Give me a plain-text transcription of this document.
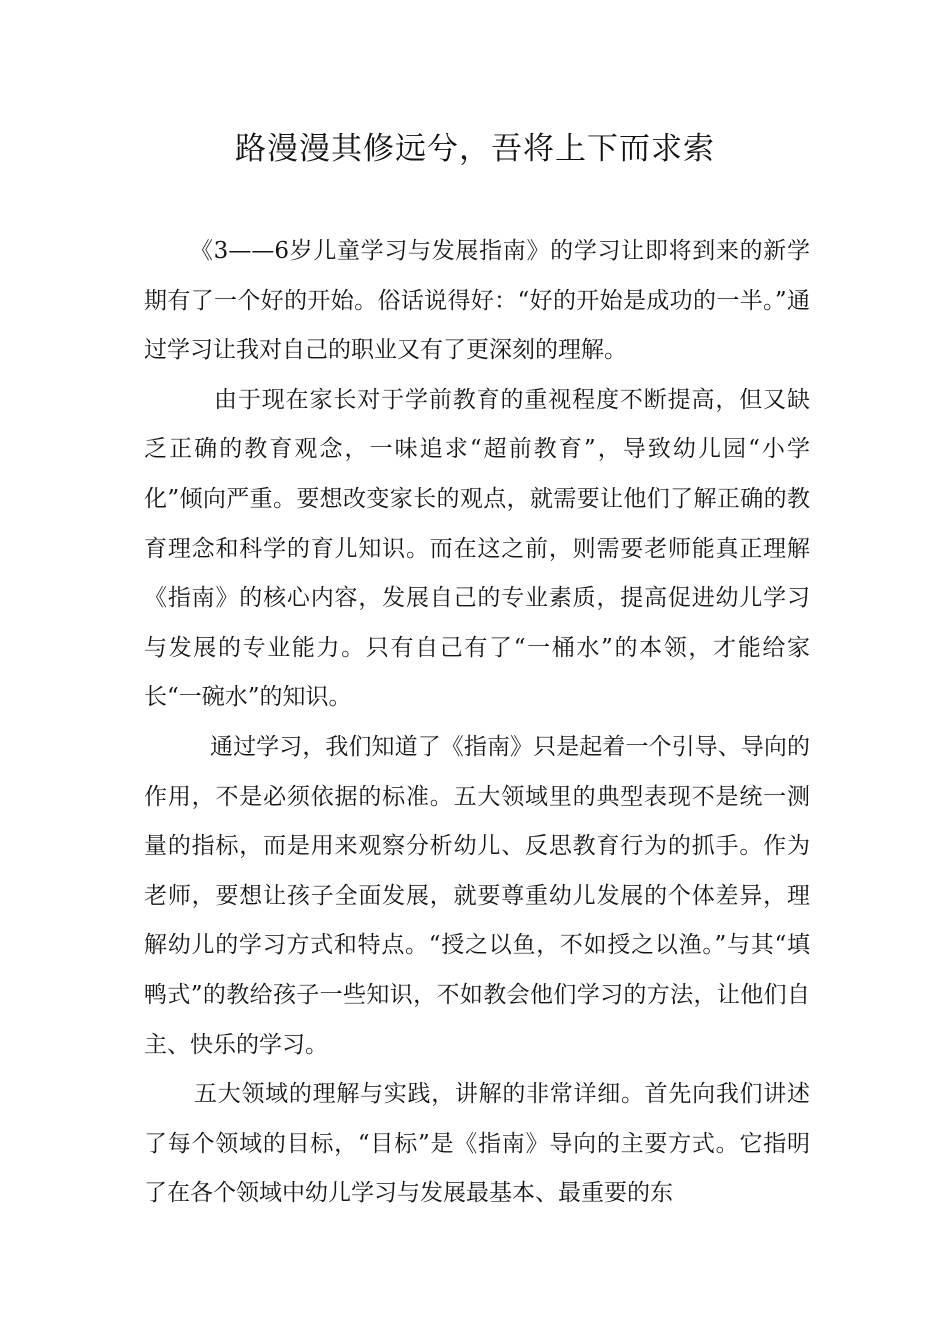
路漫漫其修远兮，吾将上下而求索

《3——6岁儿童学习与发展指南》的学习让即将到来的新学期有了一个好的开始。俗话说得好：“好的开始是成功的一半。”通过学习让我对自己的职业又有了更深刻的理解。

由于现在家长对于学前教育的重视程度不断提高，但又缺乏正确的教育观念，一味追求“超前教育”，导致幼儿园“小学化”倾向严重。要想改变家长的观点，就需要让他们了解正确的教育理念和科学的育儿知识。而在这之前，则需要老师能真正理解《指南》的核心内容，发展自己的专业素质，提高促进幼儿学习与发展的专业能力。只有自己有了“一桶水”的本领，才能给家长“一碗水”的知识。

通过学习，我们知道了《指南》只是起着一个引导、导向的作用，不是必须依据的标准。五大领域里的典型表现不是统一测量的指标，而是用来观察分析幼儿、反思教育行为的抓手。作为老师，要想让孩子全面发展，就要尊重幼儿发展的个体差异，理解幼儿的学习方式和特点。“授之以鱼，不如授之以渔。”与其“填鸭式”的教给孩子一些知识，不如教会他们学习的方法，让他们自主、快乐的学习。

五大领域的理解与实践，讲解的非常详细。首先向我们讲述了每个领域的目标，“目标”是《指南》导向的主要方式。它指明了在各个领域中幼儿学习与发展最基本、最重要的东
